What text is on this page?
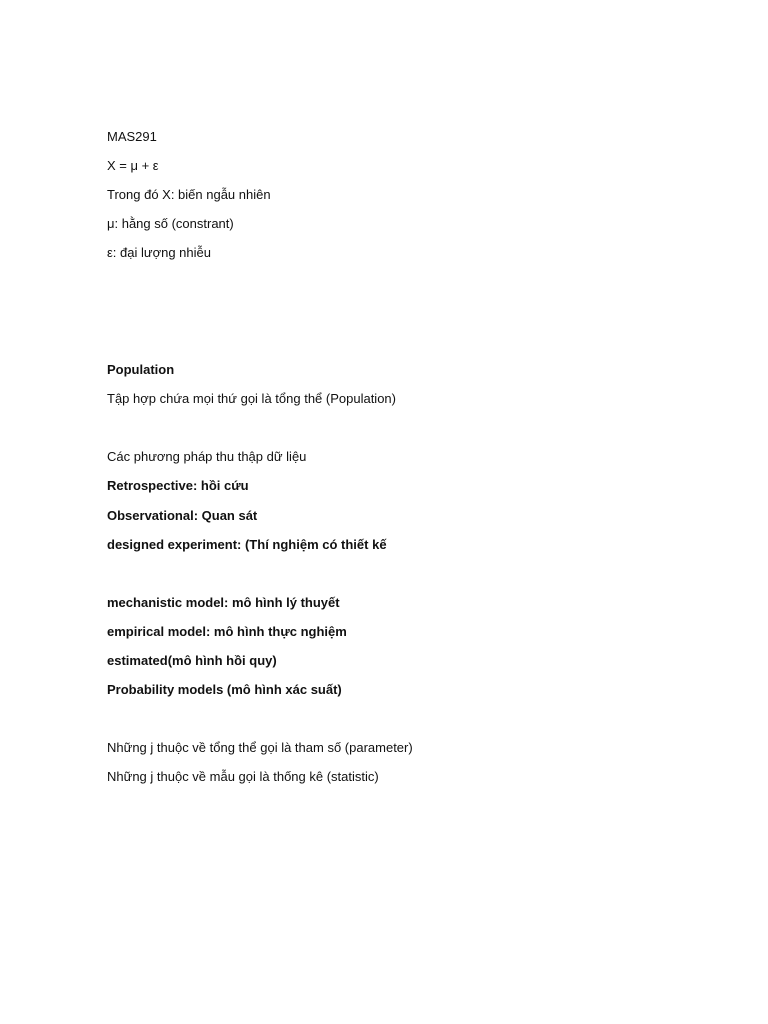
MAS291
X = μ + ε
Trong đó X: biến ngẫu nhiên
μ: hằng số (constrant)
ε: đại lượng nhiễu
Population
Tập hợp chứa mọi thứ gọi là tổng thể (Population)
Các phương pháp thu thập dữ liệu
Retrospective: hồi cứu
Observational: Quan sát
designed experiment: (Thí nghiệm có thiết kế
mechanistic model: mô hình lý thuyết
empirical model: mô hình thực nghiệm
estimated(mô hình hồi quy)
Probability models (mô hình xác suất)
Những j thuộc về tổng thể gọi là tham số (parameter)
Những j thuộc về mẫu gọi là thống kê (statistic)
